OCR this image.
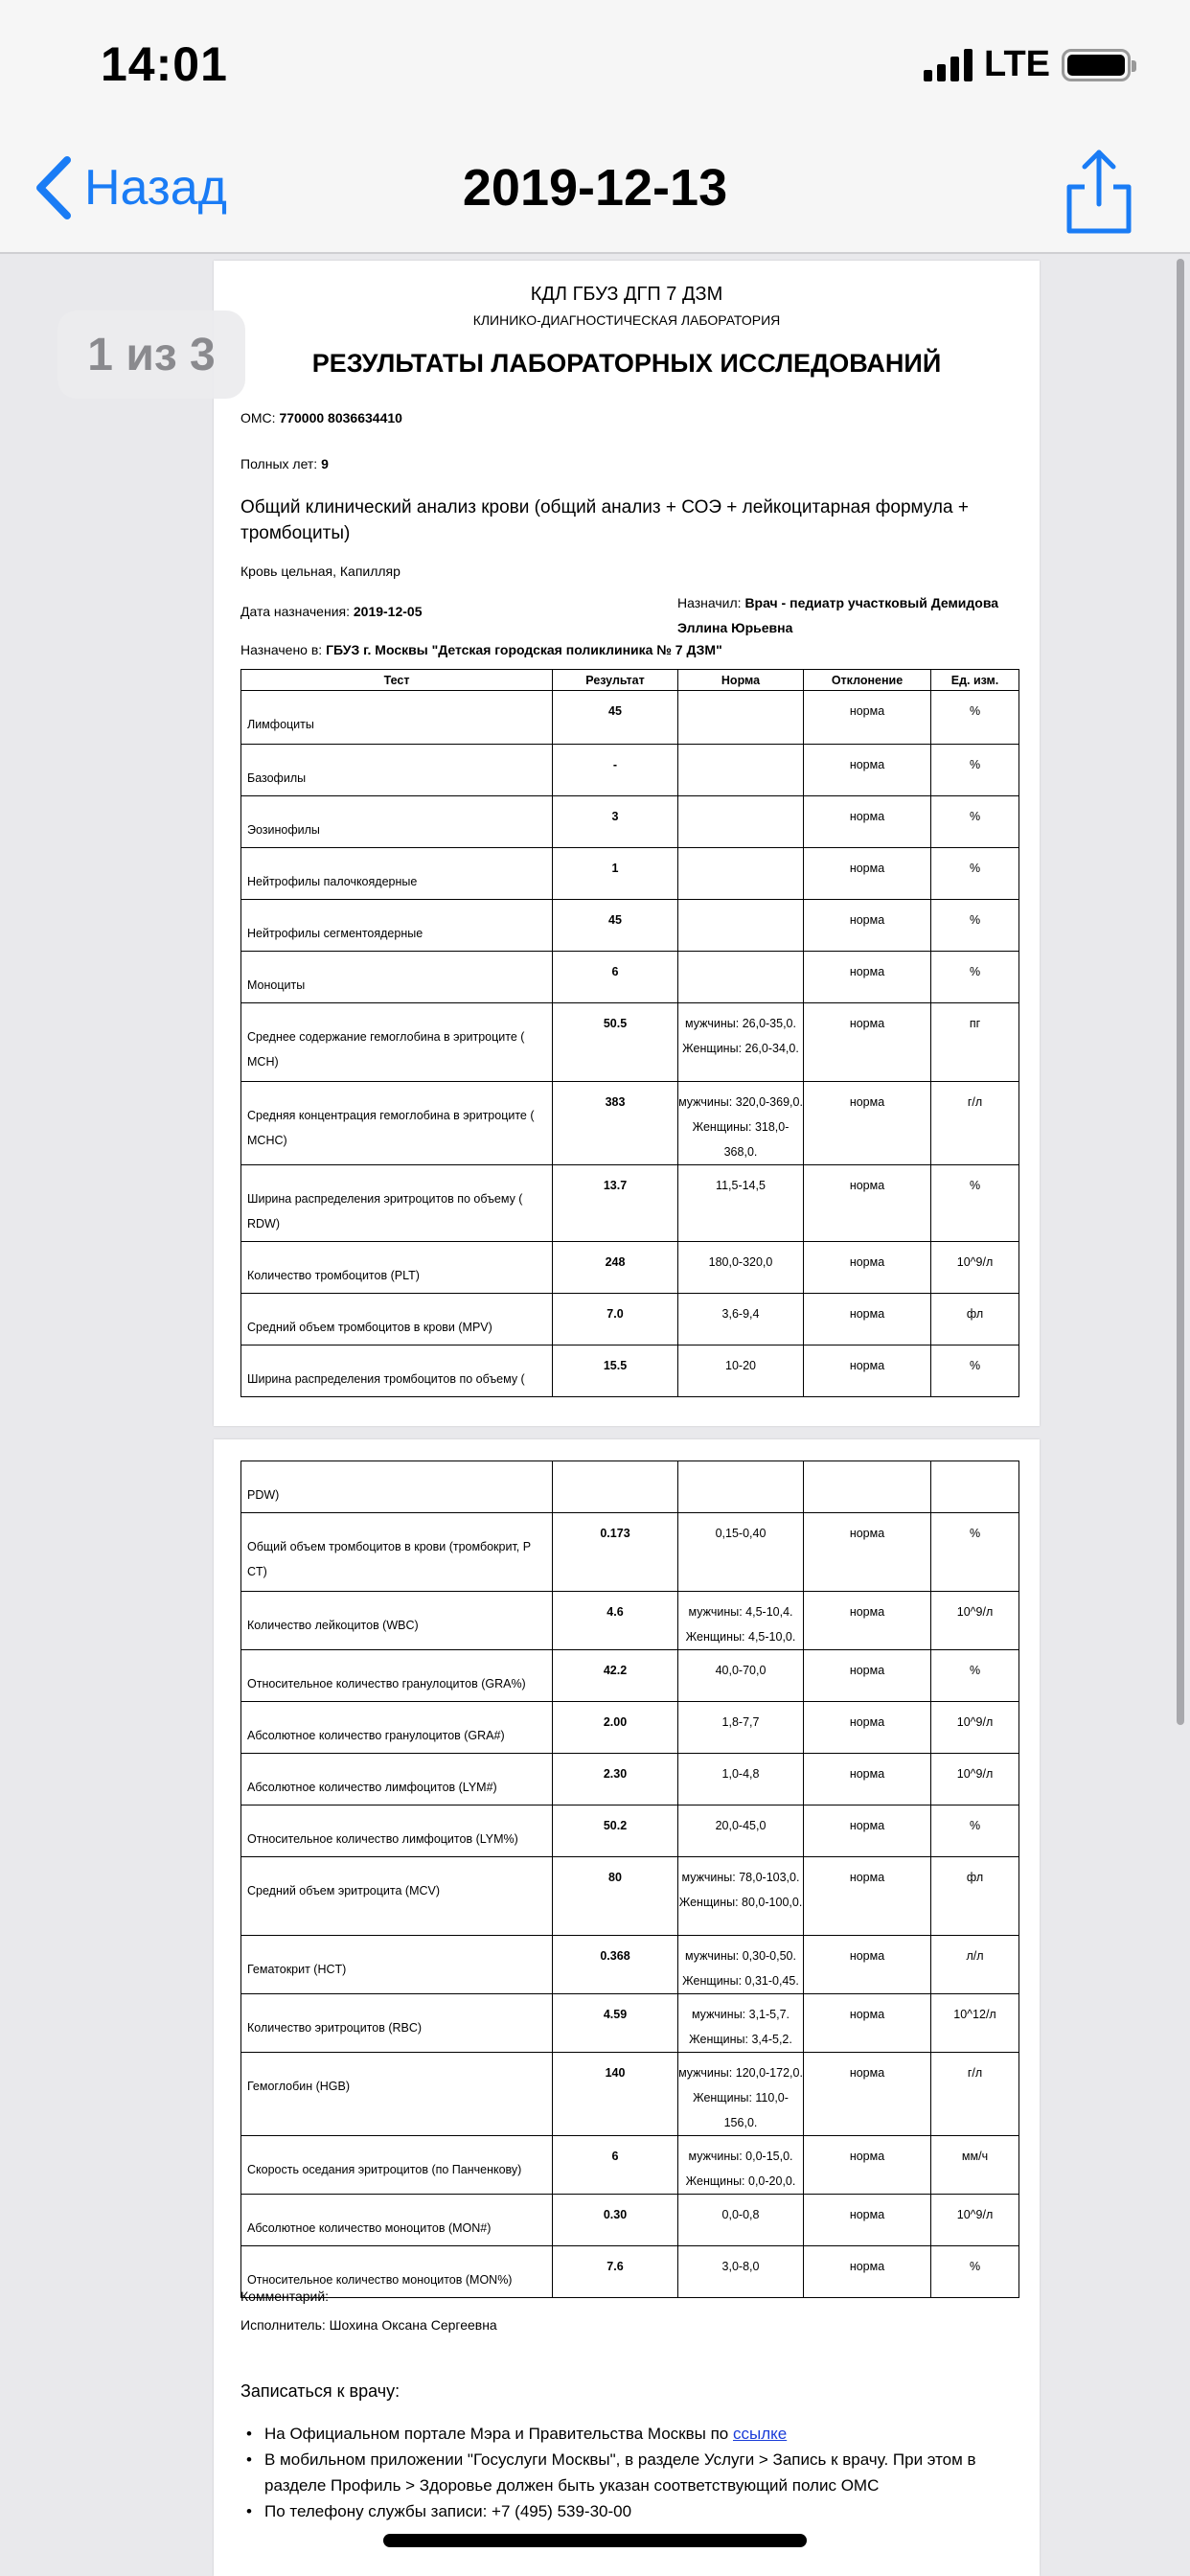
14:01	LTE
Назад	2019-12-13
КДЛ ГБУЗ ДГП 7 ДЗМ
КЛИНИКО-ДИАГНОСТИЧЕСКАЯ ЛАБОРАТОРИЯ
РЕЗУЛЬТАТЫ ЛАБОРАТОРНЫХ ИССЛЕДОВАНИЙ
ОМС: 770000 8036634410
Полных лет: 9
Общий клинический анализ крови (общий анализ + СОЭ + лейкоцитарная формула + тромбоциты)
Кровь цельная, Капилляр
Дата назначения: 2019-12-05
Назначил: Врач - педиатр участковый Демидова Эллина Юрьевна
Назначено в: ГБУЗ г. Москвы "Детская городская поликлиника № 7 ДЗМ"
Тест	Результат	Норма	Отклонение	Ед. изм.
Лимфоциты	45		норма	%
Базофилы	-		норма	%
Эозинофилы	3		норма	%
Нейтрофилы палочкоядерные	1		норма	%
Нейтрофилы сегментоядерные	45		норма	%
Моноциты	6		норма	%
Среднее содержание гемоглобина в эритроците ( MCH)	50.5	мужчины: 26,0-35,0. Женщины: 26,0-34,0.	норма	пг
Средняя концентрация гемоглобина в эритроците ( MCHC)	383	мужчины: 320,0-369,0. Женщины: 318,0-368,0.	норма	г/л
Ширина распределения эритроцитов по объему ( RDW)	13.7	11,5-14,5	норма	%
Количество тромбоцитов (PLT)	248	180,0-320,0	норма	10^9/л
Средний объем тромбоцитов в крови (MPV)	7.0	3,6-9,4	норма	фл
Ширина распределения тромбоцитов по объему (	15.5	10-20	норма	%
PDW)				
Общий объем тромбоцитов в крови (тромбокрит, P CT)	0.173	0,15-0,40	норма	%
Количество лейкоцитов (WBC)	4.6	мужчины: 4,5-10,4. Женщины: 4,5-10,0.	норма	10^9/л
Относительное количество гранулоцитов (GRA%)	42.2	40,0-70,0	норма	%
Абсолютное количество гранулоцитов (GRA#)	2.00	1,8-7,7	норма	10^9/л
Абсолютное количество лимфоцитов (LYM#)	2.30	1,0-4,8	норма	10^9/л
Относительное количество лимфоцитов (LYM%)	50.2	20,0-45,0	норма	%
Средний объем эритроцита (MCV)	80	мужчины: 78,0-103,0. Женщины: 80,0-100,0.	норма	фл
Гематокрит (HCT)	0.368	мужчины: 0,30-0,50. Женщины: 0,31-0,45.	норма	л/л
Количество эритроцитов (RBC)	4.59	мужчины: 3,1-5,7. Женщины: 3,4-5,2.	норма	10^12/л
Гемоглобин (HGB)	140	мужчины: 120,0-172,0. Женщины: 110,0-156,0.	норма	г/л
Скорость оседания эритроцитов (по Панченкову)	6	мужчины: 0,0-15,0. Женщины: 0,0-20,0.	норма	мм/ч
Абсолютное количество моноцитов (MON#)	0.30	0,0-0,8	норма	10^9/л
Относительное количество моноцитов (MON%)	7.6	3,0-8,0	норма	%
Комментарий:
Исполнитель: Шохина Оксана Сергеевна
Записаться к врачу:
• На Официальном портале Мэра и Правительства Москвы по ссылке
• В мобильном приложении "Госуслуги Москвы", в разделе Услуги > Запись к врачу. При этом в разделе Профиль > Здоровье должен быть указан соответствующий полис ОМС
• По телефону службы записи: +7 (495) 539-30-00
1 из 3
